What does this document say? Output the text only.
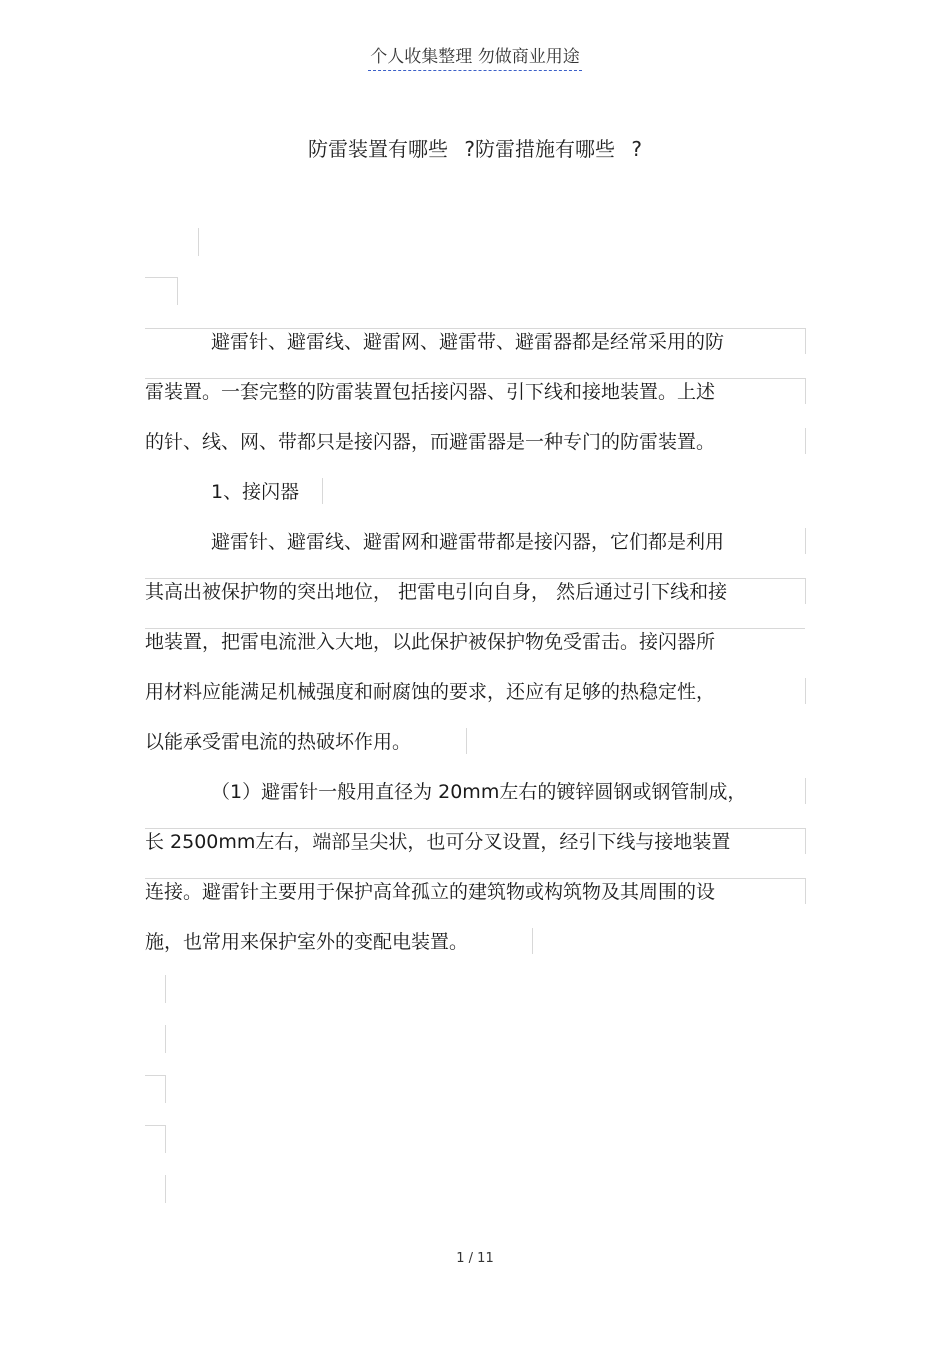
个人收集整理 勿做商业用途
防雷装置有哪些 ?防雷措施有哪些 ?
避雷针、避雷线、避雷网、避雷带、避雷器都是经常采用的防
雷装置。一套完整的防雷装置包括接闪器、引下线和接地装置。上述
的针、线、网、带都只是接闪器，而避雷器是一种专门的防雷装置。
1、接闪器
避雷针、避雷线、避雷网和避雷带都是接闪器，它们都是利用
其高出被保护物的突出地位， 把雷电引向自身， 然后通过引下线和接
地装置，把雷电流泄入大地，以此保护被保护物免受雷击。接闪器所
用材料应能满足机械强度和耐腐蚀的要求，还应有足够的热稳定性，
以能承受雷电流的热破坏作用。
（1）避雷针一般用直径为 20mm左右的镀锌圆钢或钢管制成，
长 2500mm左右，端部呈尖状，也可分叉设置，经引下线与接地装置
连接。避雷针主要用于保护高耸孤立的建筑物或构筑物及其周围的设
施，也常用来保护室外的变配电装置。
1 / 11
